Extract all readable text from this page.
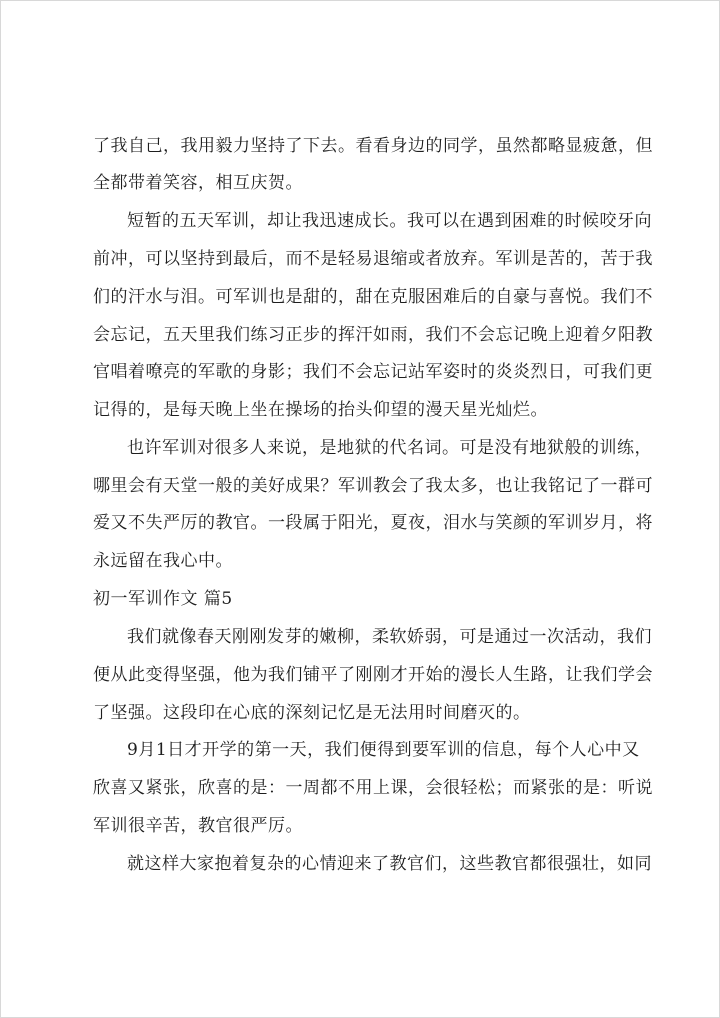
了我自己，我用毅力坚持了下去。看看身边的同学，虽然都略显疲惫，但
全都带着笑容，相互庆贺。
短暂的五天军训，却让我迅速成长。我可以在遇到困难的时候咬牙向
前冲，可以坚持到最后，而不是轻易退缩或者放弃。军训是苦的，苦于我
们的汗水与泪。可军训也是甜的，甜在克服困难后的自豪与喜悦。我们不
会忘记，五天里我们练习正步的挥汗如雨，我们不会忘记晚上迎着夕阳教
官唱着嘹亮的军歌的身影；我们不会忘记站军姿时的炎炎烈日，可我们更
记得的，是每天晚上坐在操场的抬头仰望的漫天星光灿烂。
也许军训对很多人来说，是地狱的代名词。可是没有地狱般的训练，
哪里会有天堂一般的美好成果？军训教会了我太多，也让我铭记了一群可
爱又不失严厉的教官。一段属于阳光，夏夜，泪水与笑颜的军训岁月，将
永远留在我心中。
初一军训作文 篇5
我们就像春天刚刚发芽的嫩柳，柔软娇弱，可是通过一次活动，我们
便从此变得坚强，他为我们铺平了刚刚才开始的漫长人生路，让我们学会
了坚强。这段印在心底的深刻记忆是无法用时间磨灭的。
9月1日才开学的第一天，我们便得到要军训的信息，每个人心中又
欣喜又紧张，欣喜的是：一周都不用上课，会很轻松；而紧张的是：听说
军训很辛苦，教官很严厉。
就这样大家抱着复杂的心情迎来了教官们，这些教官都很强壮，如同
